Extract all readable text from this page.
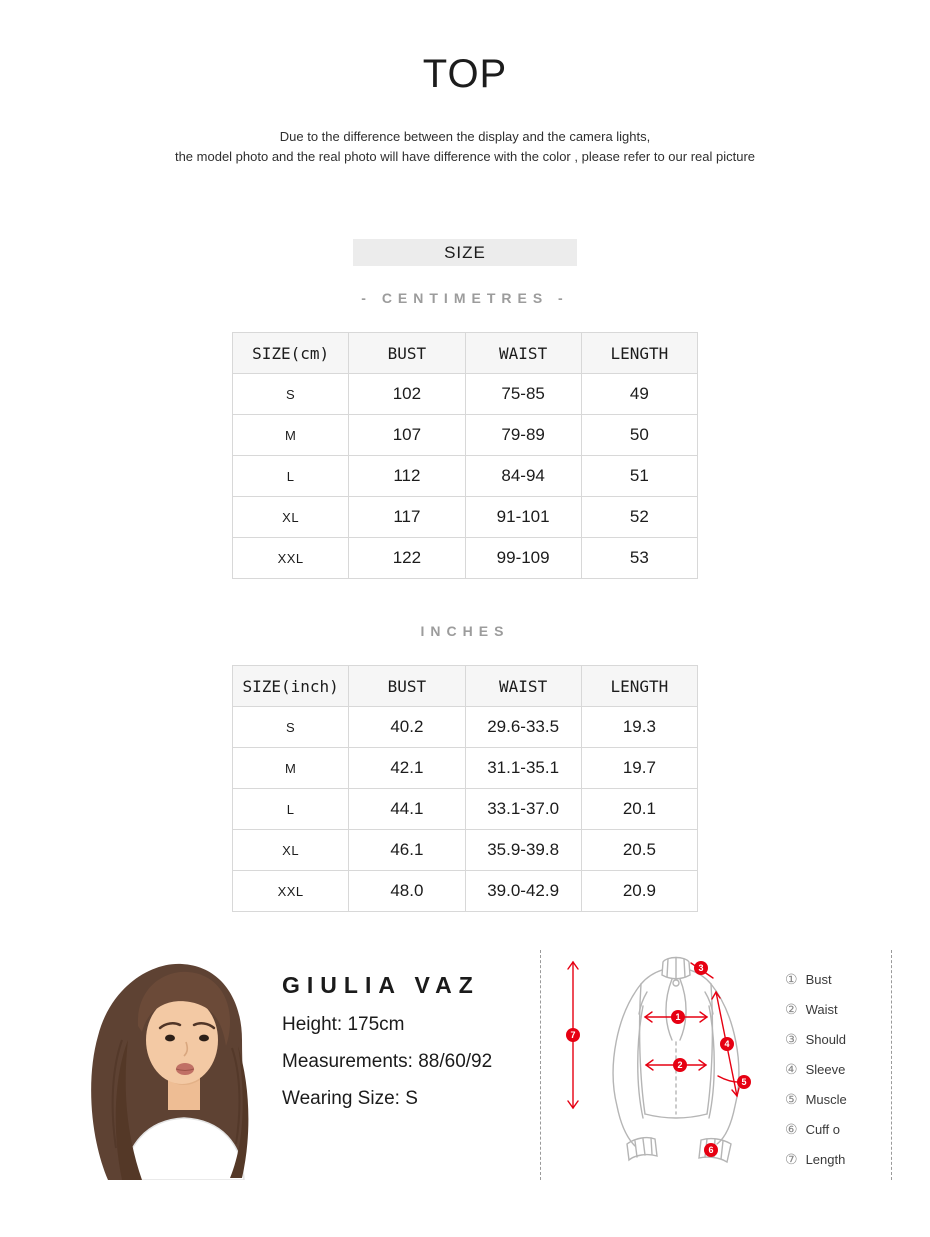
TOP

Due to the difference between the display and the camera lights,
the model photo and the real photo will have difference with the color , please refer to our real picture

SIZE
- CENTIMETRES -
SIZE(cm)	BUST	WAIST	LENGTH
S	102	75-85	49
M	107	79-89	50
L	112	84-94	51
XL	117	91-101	52
XXL	122	99-109	53
INCHES
SIZE(inch)	BUST	WAIST	LENGTH
S	40.2	29.6-33.5	19.3
M	42.1	31.1-35.1	19.7
L	44.1	33.1-37.0	20.1
XL	46.1	35.9-39.8	20.5
XXL	48.0	39.0-42.9	20.9
GIULIA VAZ
Height: 175cm
Measurements: 88/60/92
Wearing Size: S
1
2
3
4
5
6
7
① Bust
② Waist
③ Should
④ Sleeve
⑤ Muscle
⑥ Cuff o
⑦ Length
